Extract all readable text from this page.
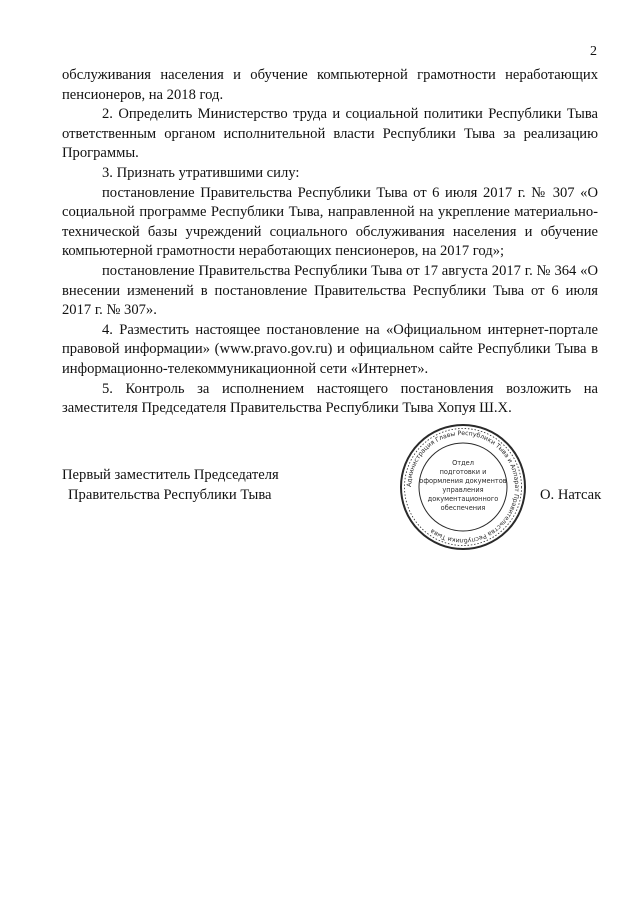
2

обслуживания населения и обучение компьютерной грамотности неработающих пенсионеров, на 2018 год.

2. Определить Министерство труда и социальной политики Республики Тыва ответственным органом исполнительной власти Республики Тыва за реализацию Программы.

3. Признать утратившими силу:

постановление Правительства Республики Тыва от 6 июля 2017 г. № 307 «О социальной программе Республики Тыва, направленной на укрепление материально-технической базы учреждений социального обслуживания населения и обучение компьютерной грамотности неработающих пенсионеров, на 2017 год»;

постановление Правительства Республики Тыва от 17 августа 2017 г. № 364 «О внесении изменений в постановление Правительства Республики Тыва от 6 июля 2017 г. № 307».

4. Разместить настоящее постановление на «Официальном интернет-портале правовой информации» (www.pravo.gov.ru) и официальном сайте Республики Тыва в информационно-телекоммуникационной сети «Интернет».

5. Контроль за исполнением настоящего постановления возложить на заместителя Председателя Правительства Республики Тыва Хопуя Ш.Х.

Первый заместитель Председателя
Правительства Республики Тыва
Администрация Главы Республики Тыва и Аппарат Правительства Республики Тыва
Отдел
подготовки и
оформления документов
управления
документационного
обеспечения
О. Натсак
